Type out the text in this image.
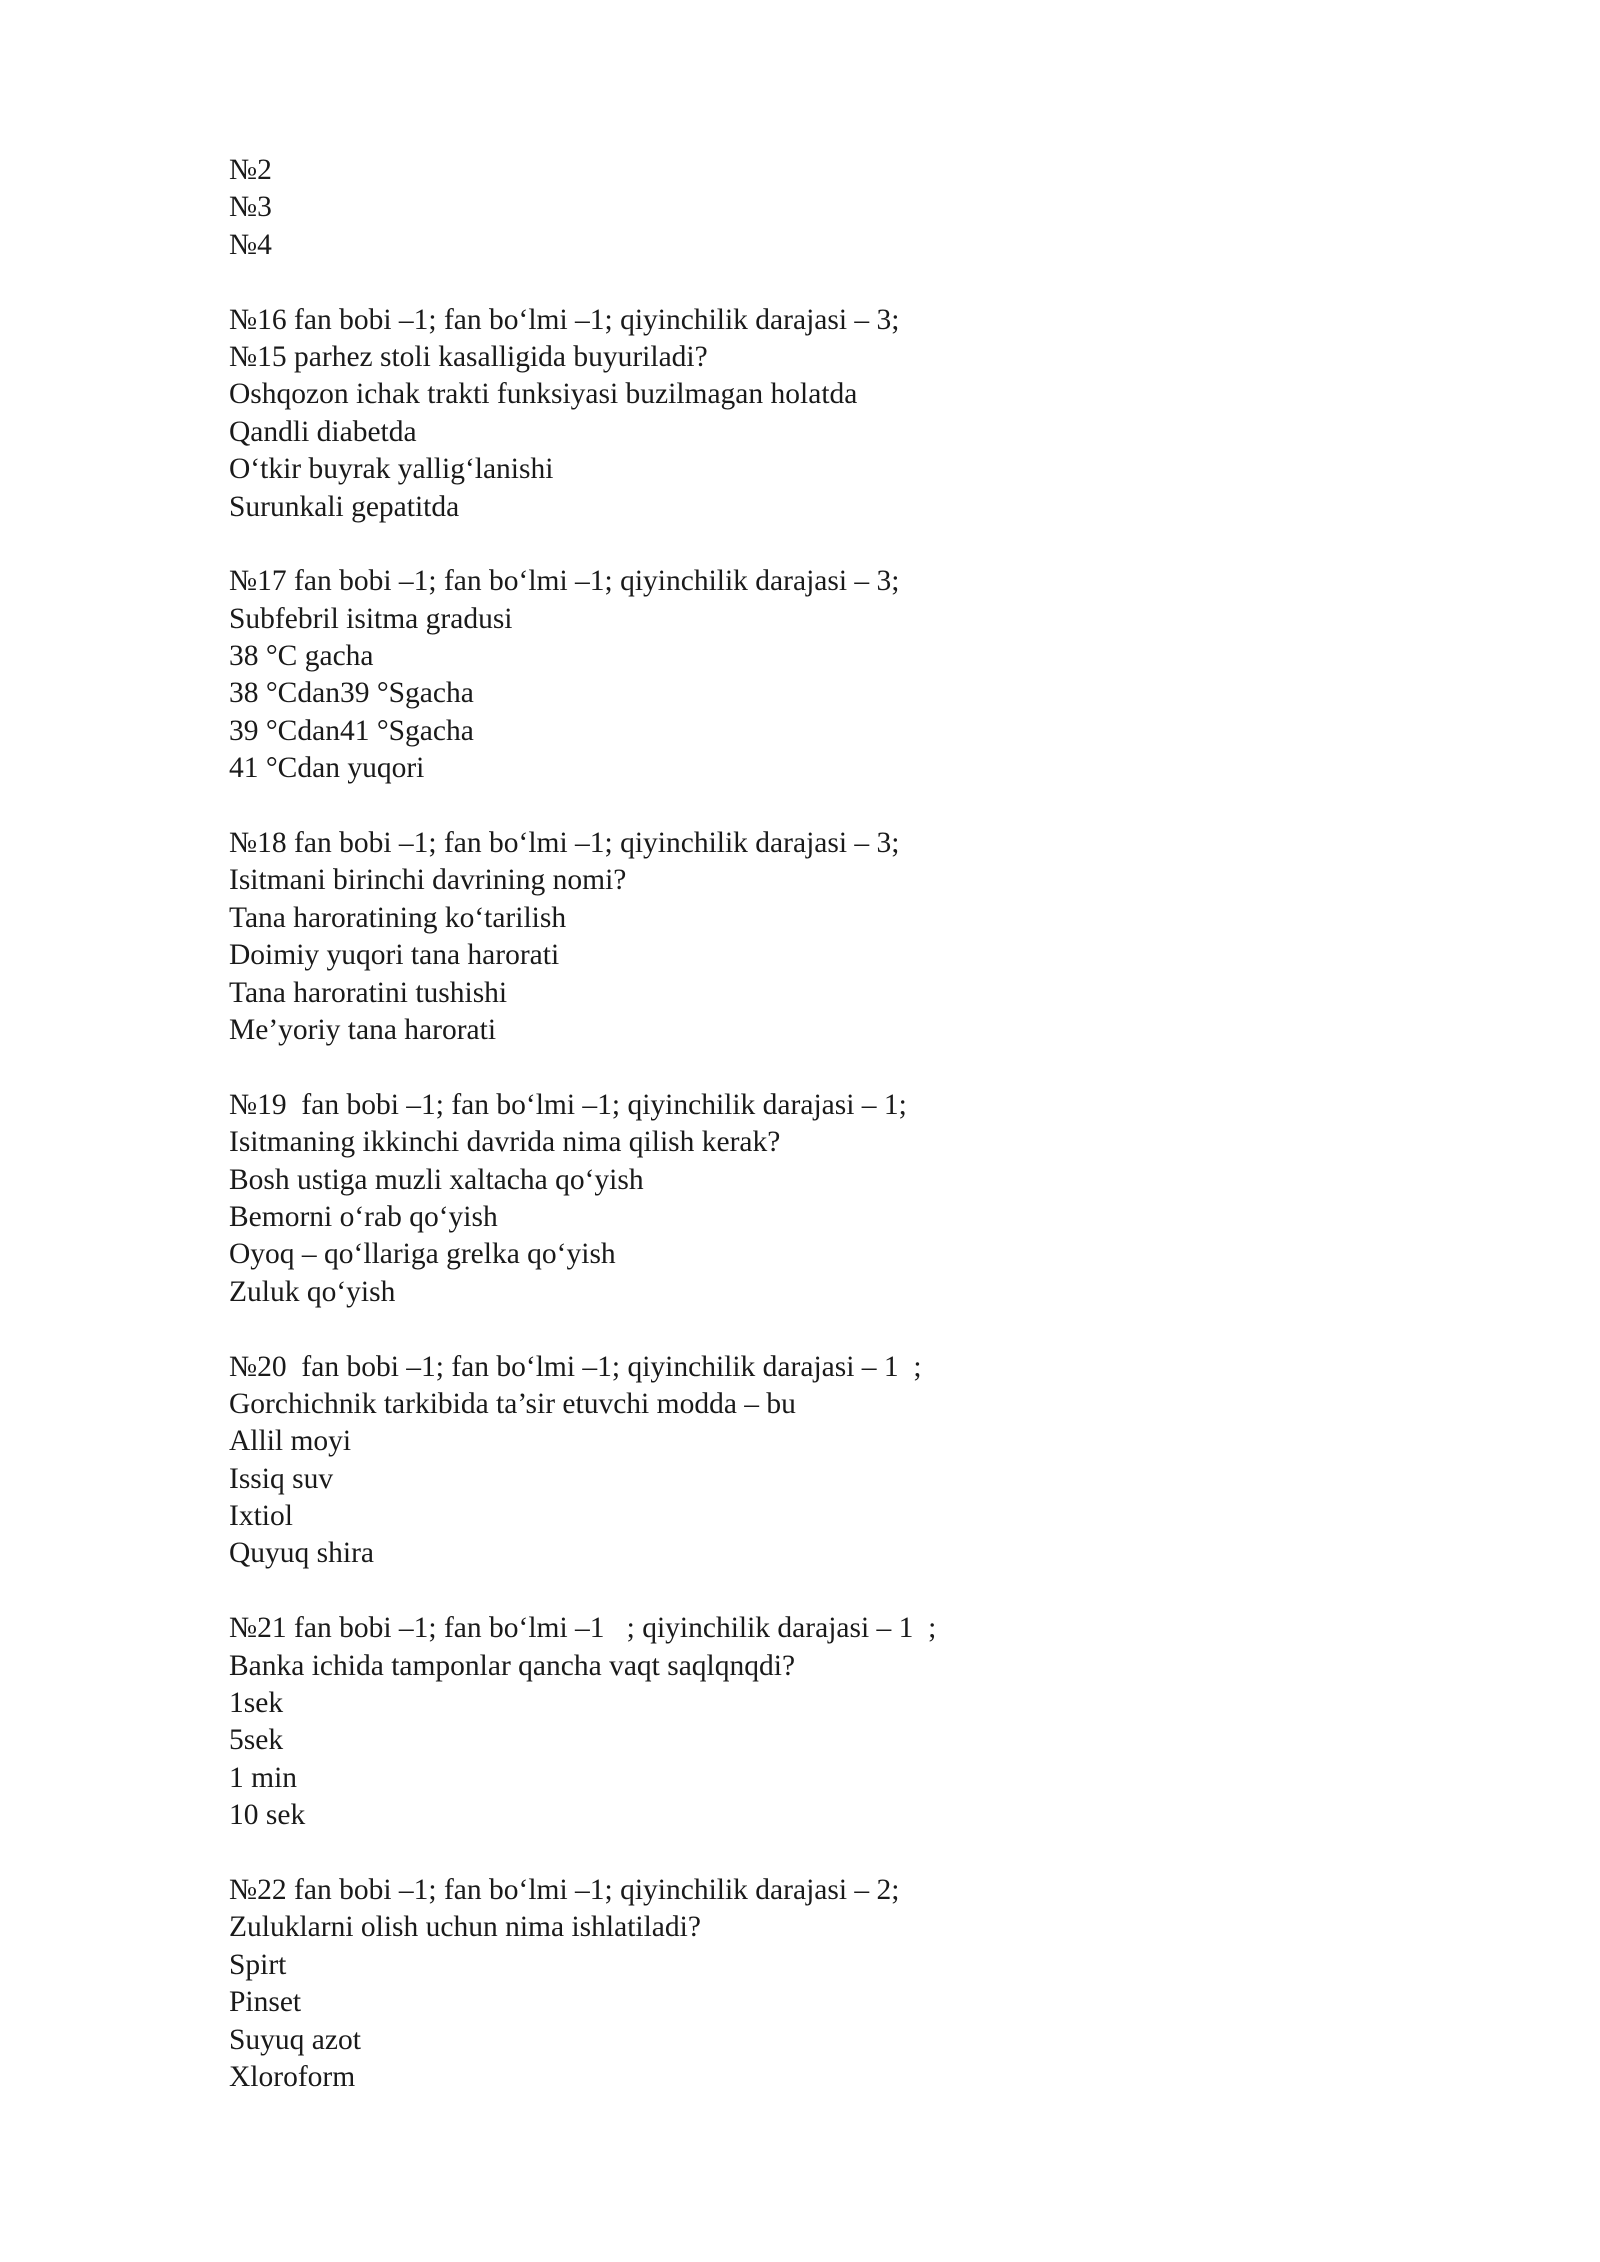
№2
№3
№4
№16 fan bobi –1; fan boʻlmi –1; qiyinchilik darajasi – 3;
№15 parhez stoli kasalligida buyuriladi?
Oshqozon ichak trakti funksiyasi buzilmagan holatda
Qandli diabetda
Oʻtkir buyrak yalligʻlanishi
Surunkali gepatitda
№17 fan bobi –1; fan boʻlmi –1; qiyinchilik darajasi – 3;
Subfebril isitma gradusi
38 °C gacha
38 °Cdan39 °Sgacha
39 °Cdan41 °Sgacha
41 °Cdan yuqori
№18 fan bobi –1; fan boʻlmi –1; qiyinchilik darajasi – 3;
Isitmani birinchi davrining nomi?
Tana haroratining koʻtarilish
Doimiy yuqori tana harorati
Tana haroratini tushishi
Me’yoriy tana harorati
№19  fan bobi –1; fan boʻlmi –1; qiyinchilik darajasi – 1;
Isitmaning ikkinchi davrida nima qilish kerak?
Bosh ustiga muzli xaltacha qoʻyish
Bemorni oʻrab qoʻyish
Oyoq – qoʻllariga grelka qoʻyish
Zuluk qoʻyish
№20  fan bobi –1; fan boʻlmi –1; qiyinchilik darajasi – 1  ;
Gorchichnik tarkibida ta’sir etuvchi modda – bu
Allil moyi
Issiq suv
Ixtiol
Quyuq shira
№21 fan bobi –1; fan boʻlmi –1   ; qiyinchilik darajasi – 1  ;
Banka ichida tamponlar qancha vaqt saqlqnqdi?
1sek
5sek
1 min
10 sek
№22 fan bobi –1; fan boʻlmi –1; qiyinchilik darajasi – 2;
Zuluklarni olish uchun nima ishlatiladi?
Spirt
Pinset
Suyuq azot
Xloroform
